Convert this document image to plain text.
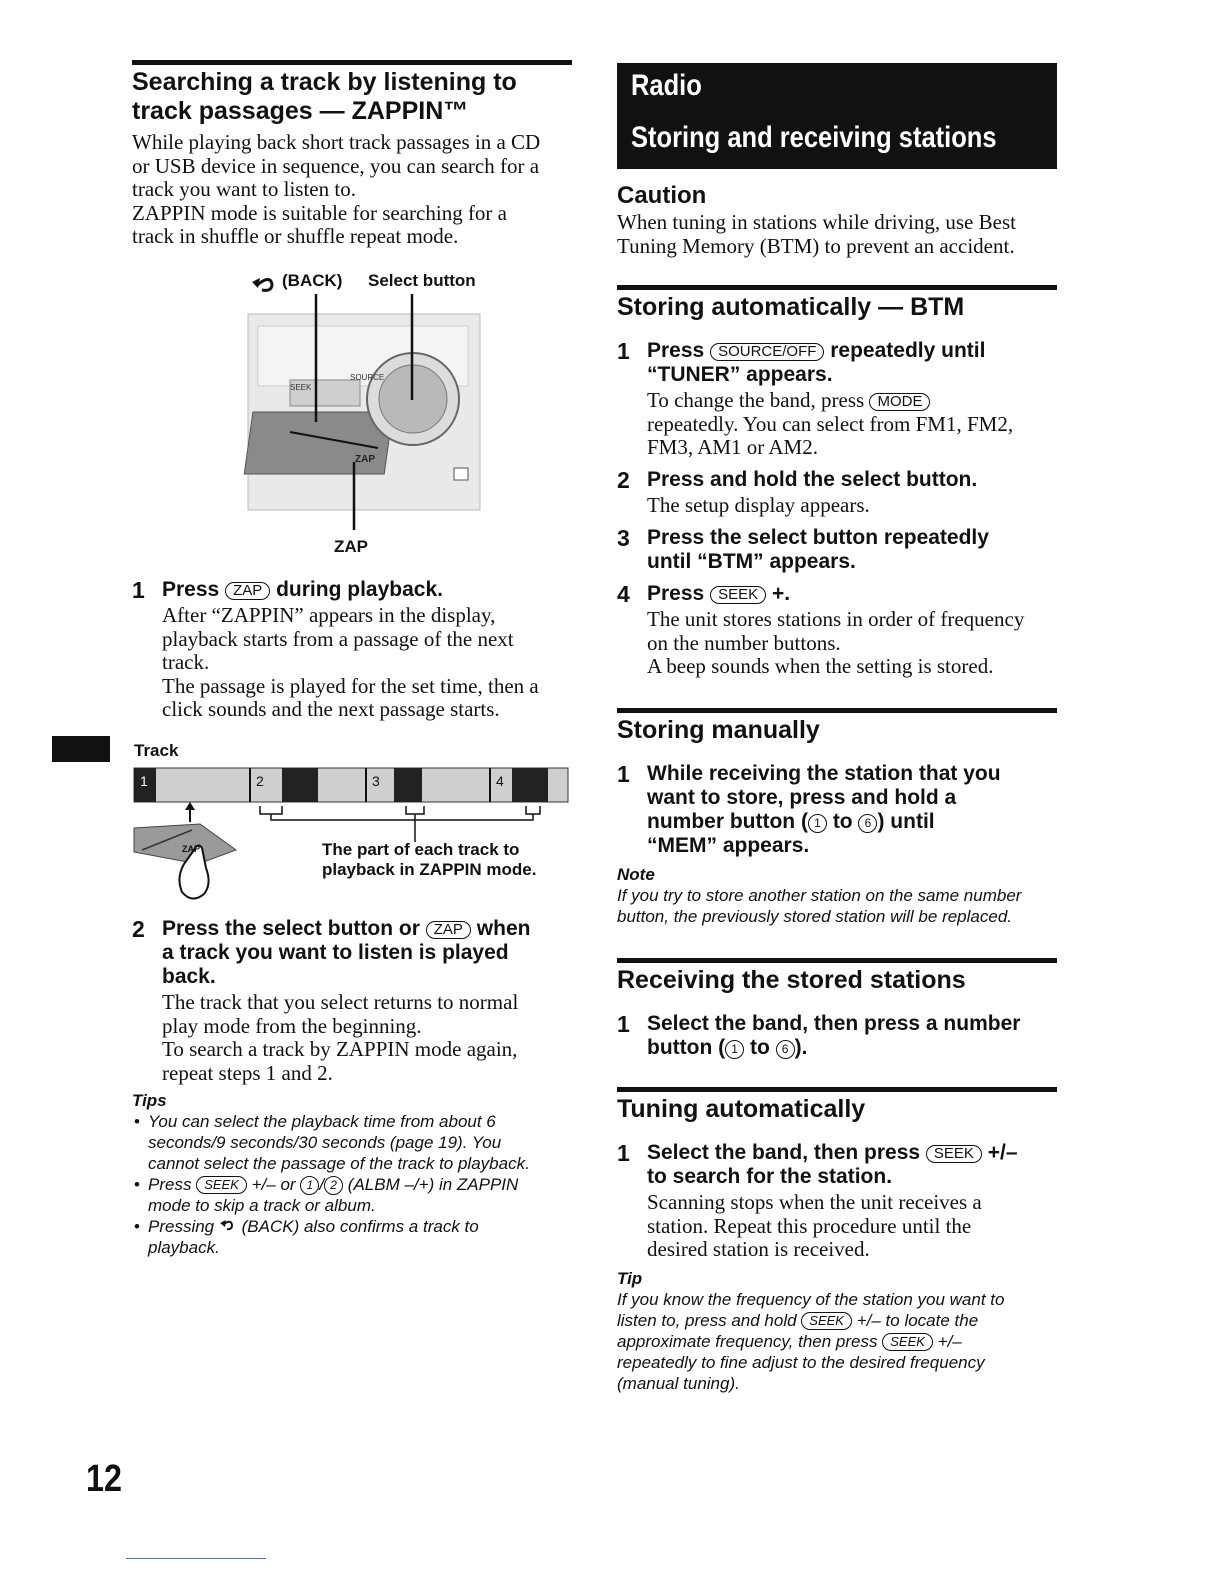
Searching a track by listening to
track passages — ZAPPIN™
While playing back short track passages in a CD
or USB device in sequence, you can search for a
track you want to listen to.
ZAPPIN mode is suitable for searching for a
track in shuffle or shuffle repeat mode.
(BACK) Select button
SEEK
SOURCE
ZAP
ZAP
1 Press ZAP during playback.
After “ZAPPIN” appears in the display,
playback starts from a passage of the next
track.
The passage is played for the set time, then a
click sounds and the next passage starts.
Track
1	2	3	4
ZAP	The part of each track to
playback in ZAPPIN mode.
2 Press the select button or ZAP when
a track you want to listen is played
back.
The track that you select returns to normal
play mode from the beginning.
To search a track by ZAPPIN mode again,
repeat steps 1 and 2.
Tips
• You can select the playback time from about 6
seconds/9 seconds/30 seconds (page 19). You
cannot select the passage of the track to playback.
• Press SEEK +/– or 1 / 2 (ALBM –/+) in ZAPPIN
mode to skip a track or album.
• Pressing (BACK) also confirms a track to
playback.
12
Radio
Storing and receiving stations
Caution
When tuning in stations while driving, use Best
Tuning Memory (BTM) to prevent an accident.
Storing automatically — BTM
1 Press SOURCE/OFF repeatedly until
“TUNER” appears.
To change the band, press MODE
repeatedly. You can select from FM1, FM2,
FM3, AM1 or AM2.
2 Press and hold the select button.
The setup display appears.
3 Press the select button repeatedly
until “BTM” appears.
4 Press SEEK +.
The unit stores stations in order of frequency
on the number buttons.
A beep sounds when the setting is stored.
Storing manually
1 While receiving the station that you
want to store, press and hold a
number button ( 1 to 6 ) until
“MEM” appears.
Note
If you try to store another station on the same number
button, the previously stored station will be replaced.
Receiving the stored stations
1 Select the band, then press a number
button ( 1 to 6 ).
Tuning automatically
1 Select the band, then press SEEK +/–
to search for the station.
Scanning stops when the unit receives a
station. Repeat this procedure until the
desired station is received.
Tip
If you know the frequency of the station you want to
listen to, press and hold SEEK +/– to locate the
approximate frequency, then press SEEK +/–
repeatedly to fine adjust to the desired frequency
(manual tuning).
